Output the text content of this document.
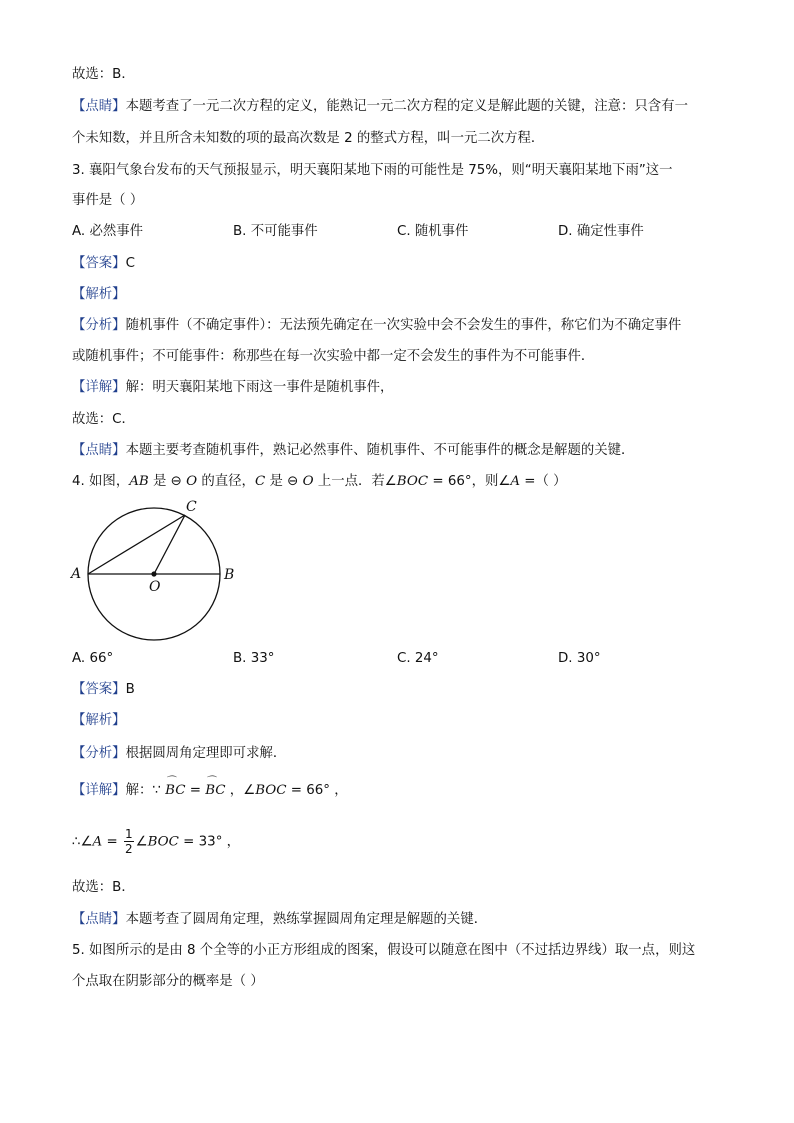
故选：B．
【点睛】本题考查了一元二次方程的定义，能熟记一元二次方程的定义是解此题的关键，注意：只含有一
个未知数，并且所含未知数的项的最高次数是 2 的整式方程，叫一元二次方程．
3. 襄阳气象台发布的天气预报显示，明天襄阳某地下雨的可能性是 75%，则“明天襄阳某地下雨”这一
事件是（ ）
A. 必然事件	B. 不可能事件	C. 随机事件	D. 确定性事件
【答案】C
【解析】
【分析】随机事件（不确定事件）：无法预先确定在一次实验中会不会发生的事件，称它们为不确定事件
或随机事件；不可能事件：称那些在每一次实验中都一定不会发生的事件为不可能事件．
【详解】解：明天襄阳某地下雨这一事件是随机事件，
故选：C．
【点睛】本题主要考查随机事件，熟记必然事件、随机事件、不可能事件的概念是解题的关键．
4. 如图，AB 是 ⊖ O 的直径，C 是 ⊖ O 上一点．若∠BOC = 66°，则∠A =（ ）
A	B
C
O
A. 66°	B. 33°	C. 24°	D. 30°
【答案】B
【解析】
【分析】根据圆周角定理即可求解．
【详解】解：∵ ⌒ BC = ⌒ BC ，∠BOC = 66° ，
∴∠A = $\frac{1}{2}$ ∠BOC = 33° ，
故选：B．
【点睛】本题考查了圆周角定理，熟练掌握圆周角定理是解题的关键．
5. 如图所示的是由 8 个全等的小正方形组成的图案，假设可以随意在图中（不过括边界线）取一点，则这
个点取在阴影部分的概率是（ ）
